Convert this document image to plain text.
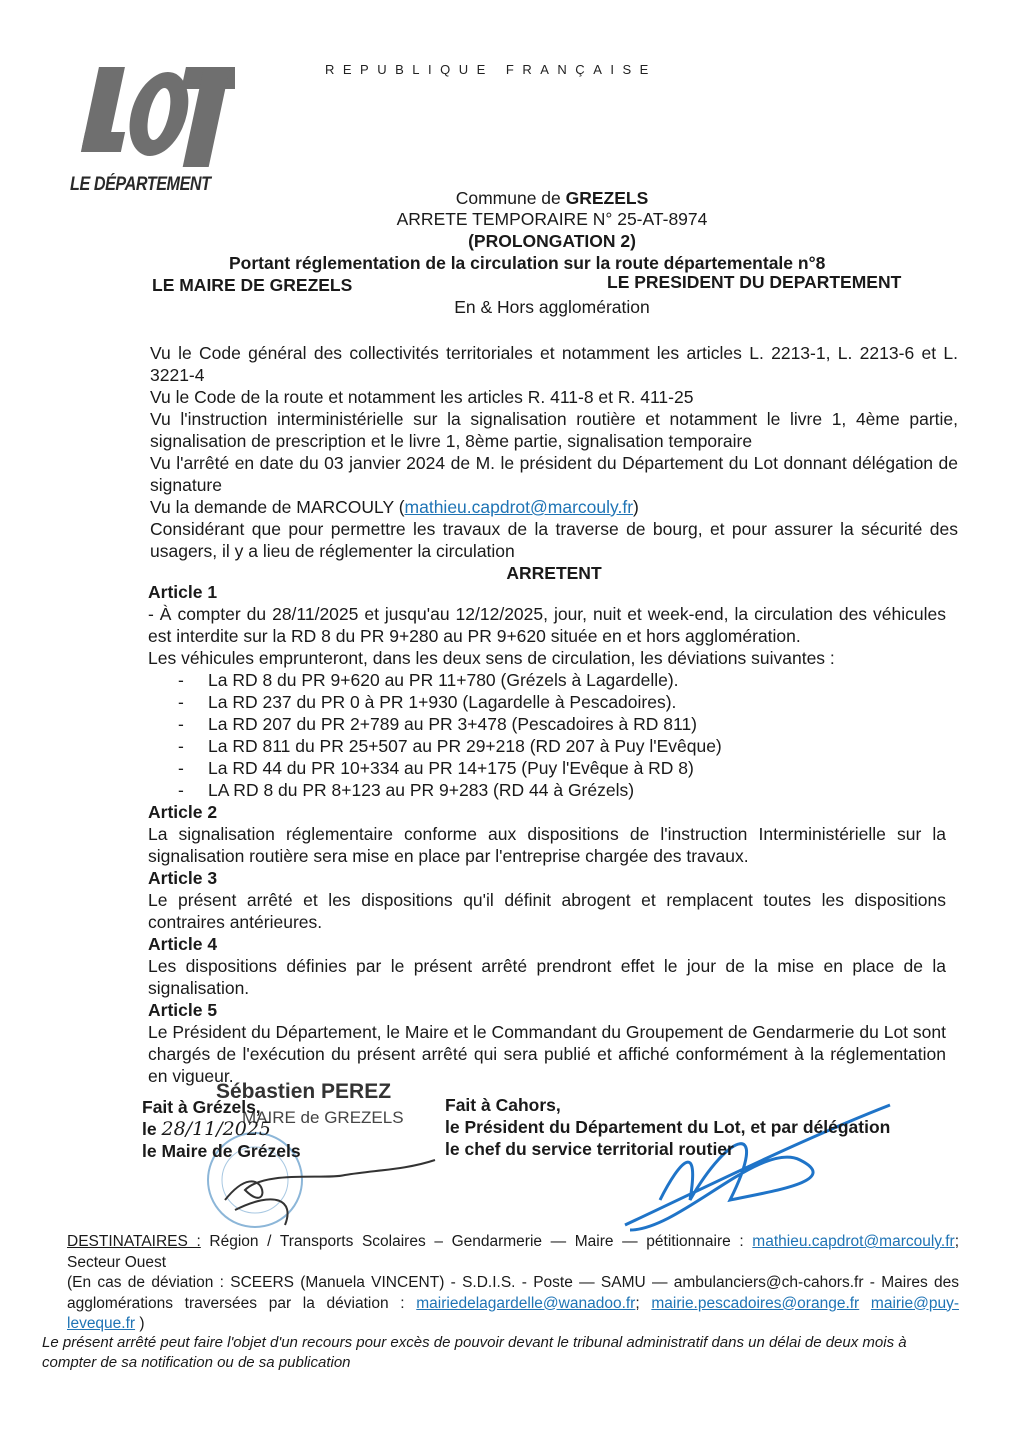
LE DÉPARTEMENT
REPUBLIQUE FRANÇAISE
Commune de GREZELS
ARRETE TEMPORAIRE N° 25-AT-8974
(PROLONGATION 2)
Portant réglementation de la circulation sur la route départementale n°8
LE MAIRE DE GREZELS	LE PRESIDENT DU DEPARTEMENT
En & Hors agglomération

Vu le Code général des collectivités territoriales et notamment les articles L. 2213-1, L. 2213-6 et L. 3221-4

Vu le Code de la route et notamment les articles R. 411-8 et R. 411-25

Vu l'instruction interministérielle sur la signalisation routière et notamment le livre 1, 4ème partie, signalisation de prescription et le livre 1, 8ème partie, signalisation temporaire

Vu l'arrêté en date du 03 janvier 2024 de M. le président du Département du Lot donnant délégation de signature

Vu la demande de MARCOULY (mathieu.capdrot@marcouly.fr)

Considérant que pour permettre les travaux de la traverse de bourg, et pour assurer la sécurité des usagers, il y a lieu de réglementer la circulation

ARRETENT

Article 1

- À compter du 28/11/2025 et jusqu'au 12/12/2025, jour, nuit et week-end, la circulation des véhicules est interdite sur la RD 8 du PR 9+280 au PR 9+620 située en et hors agglomération.

Les véhicules emprunteront, dans les deux sens de circulation, les déviations suivantes :

- La RD 8 du PR 9+620 au PR 11+780 (Grézels à Lagardelle).
- La RD 237 du PR 0 à PR 1+930 (Lagardelle à Pescadoires).
- La RD 207 du PR 2+789 au PR 3+478 (Pescadoires à RD 811)
- La RD 811 du PR 25+507 au PR 29+218 (RD 207 à Puy l'Evêque)
- La RD 44 du PR 10+334 au PR 14+175 (Puy l'Evêque à RD 8)
- LA RD 8 du PR 8+123 au PR 9+283 (RD 44 à Grézels)

Article 2

La signalisation réglementaire conforme aux dispositions de l'instruction Interministérielle sur la signalisation routière sera mise en place par l'entreprise chargée des travaux.

Article 3

Le présent arrêté et les dispositions qu'il définit abrogent et remplacent toutes les dispositions contraires antérieures.

Article 4

Les dispositions définies par le présent arrêté prendront effet le jour de la mise en place de la signalisation.

Article 5

Le Président du Département, le Maire et le Commandant du Groupement de Gendarmerie du Lot sont chargés de l'exécution du présent arrêté qui sera publié et affiché conformément à la réglementation en vigueur.

Sébastien PEREZ
MAIRE de GREZELS
Fait à Grézels,
le 28/11/2025
le Maire de Grézels
Fait à Cahors,
le Président du Département du Lot, et par délégation
le chef du service territorial routier
DESTINATAIRES : Région / Transports Scolaires – Gendarmerie — Maire — pétitionnaire : mathieu.capdrot@marcouly.fr; Secteur Ouest
(En cas de déviation : SCEERS (Manuela VINCENT) - S.D.I.S. - Poste — SAMU — ambulanciers@ch-cahors.fr - Maires des agglomérations traversées par la déviation : mairiedelagardelle@wanadoo.fr; mairie.pescadoires@orange.fr mairie@puy-leveque.fr )
Le présent arrêté peut faire l'objet d'un recours pour excès de pouvoir devant le tribunal administratif dans un délai de deux mois à compter de sa notification ou de sa publication
